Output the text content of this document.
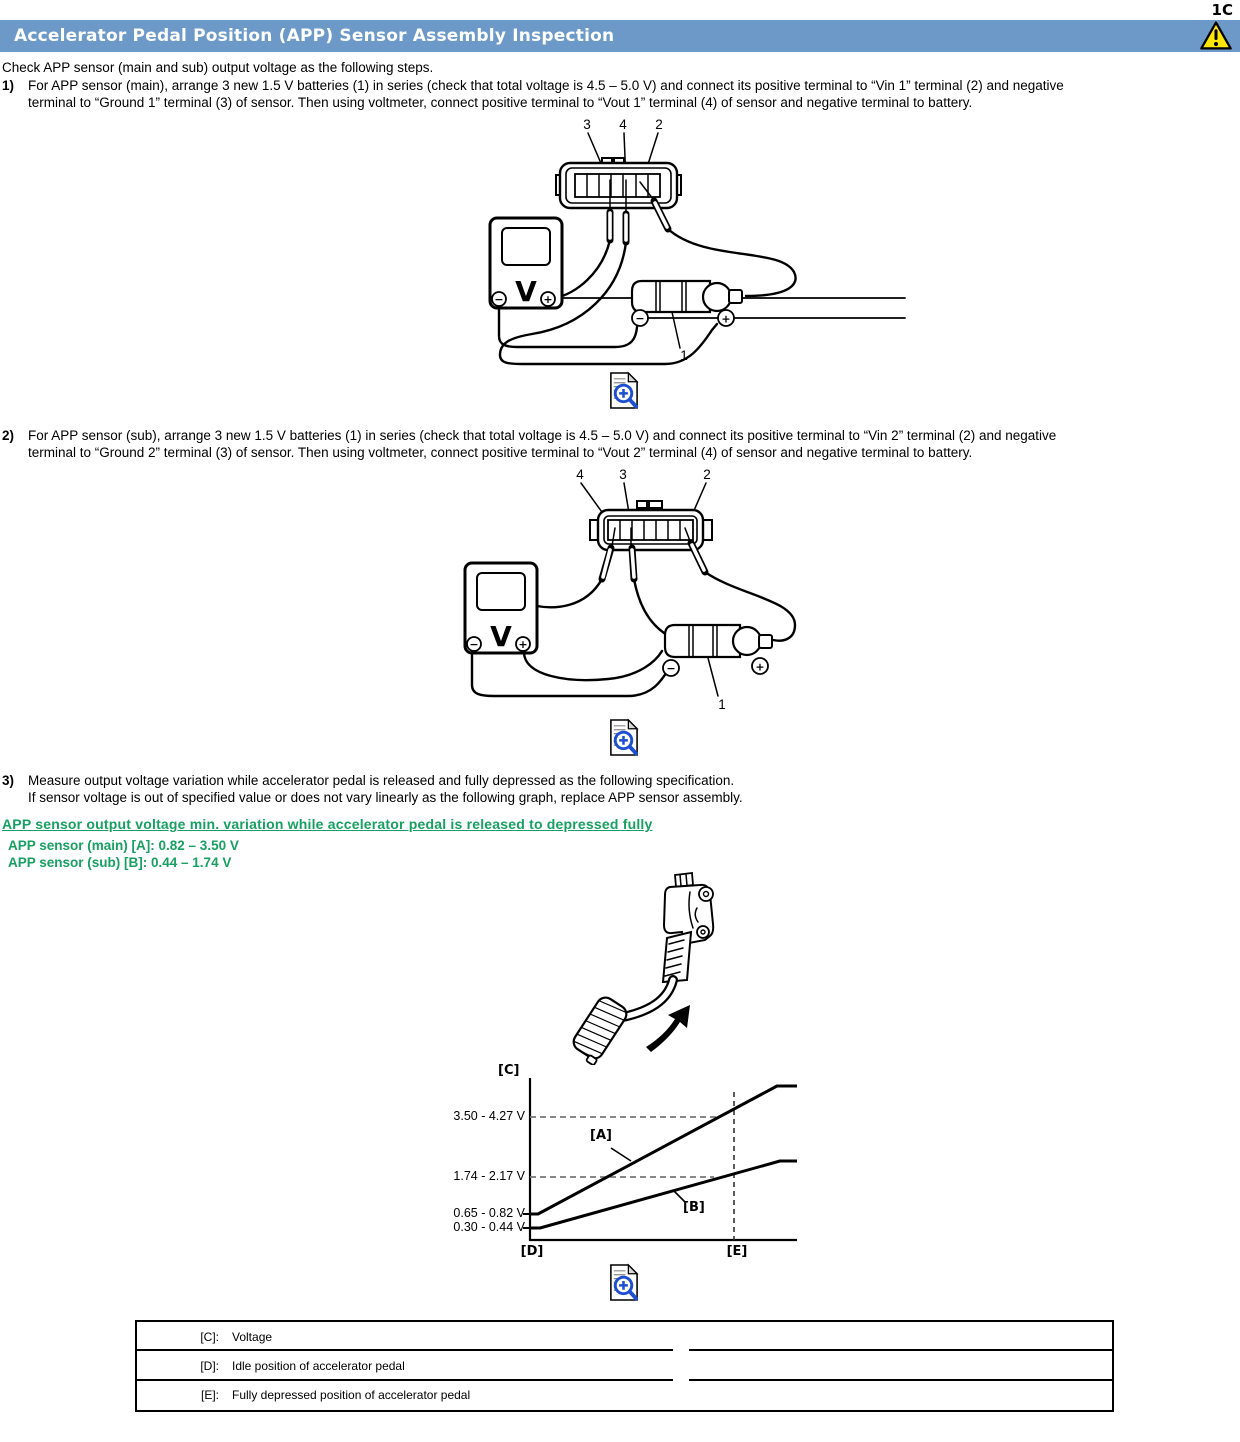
1C
Accelerator Pedal Position (APP) Sensor Assembly Inspection
Check APP sensor (main and sub) output voltage as the following steps.
1) For APP sensor (main), arrange 3 new 1.5 V batteries (1) in series (check that total voltage is 4.5 – 5.0 V) and connect its positive terminal to “Vin 1” terminal (2) and negative
terminal to “Ground 1” terminal (3) of sensor. Then using voltmeter, connect positive terminal to “Vout 1” terminal (4) of sensor and negative terminal to battery.
V
−	+
−	+
3 4 2
1
2) For APP sensor (sub), arrange 3 new 1.5 V batteries (1) in series (check that total voltage is 4.5 – 5.0 V) and connect its positive terminal to “Vin 2” terminal (2) and negative
terminal to “Ground 2” terminal (3) of sensor. Then using voltmeter, connect positive terminal to “Vout 2” terminal (4) of sensor and negative terminal to battery.
V
−	+
−	+
4	3	2
1
3) Measure output voltage variation while accelerator pedal is released and fully depressed as the following specification.
If sensor voltage is out of specified value or does not vary linearly as the following graph, replace APP sensor assembly.
APP sensor output voltage min. variation while accelerator pedal is released to depressed fully
APP sensor (main) [A]: 0.82 – 3.50 V
APP sensor (sub) [B]: 0.44 – 1.74 V
[C]
3.50 - 4.27 V
1.74 - 2.17 V
0.65 - 0.82 V
0.30 - 0.44 V
[A]
[B]
[D]	[E]
[C]: Voltage
[D]: Idle position of accelerator pedal
[E]: Fully depressed position of accelerator pedal
